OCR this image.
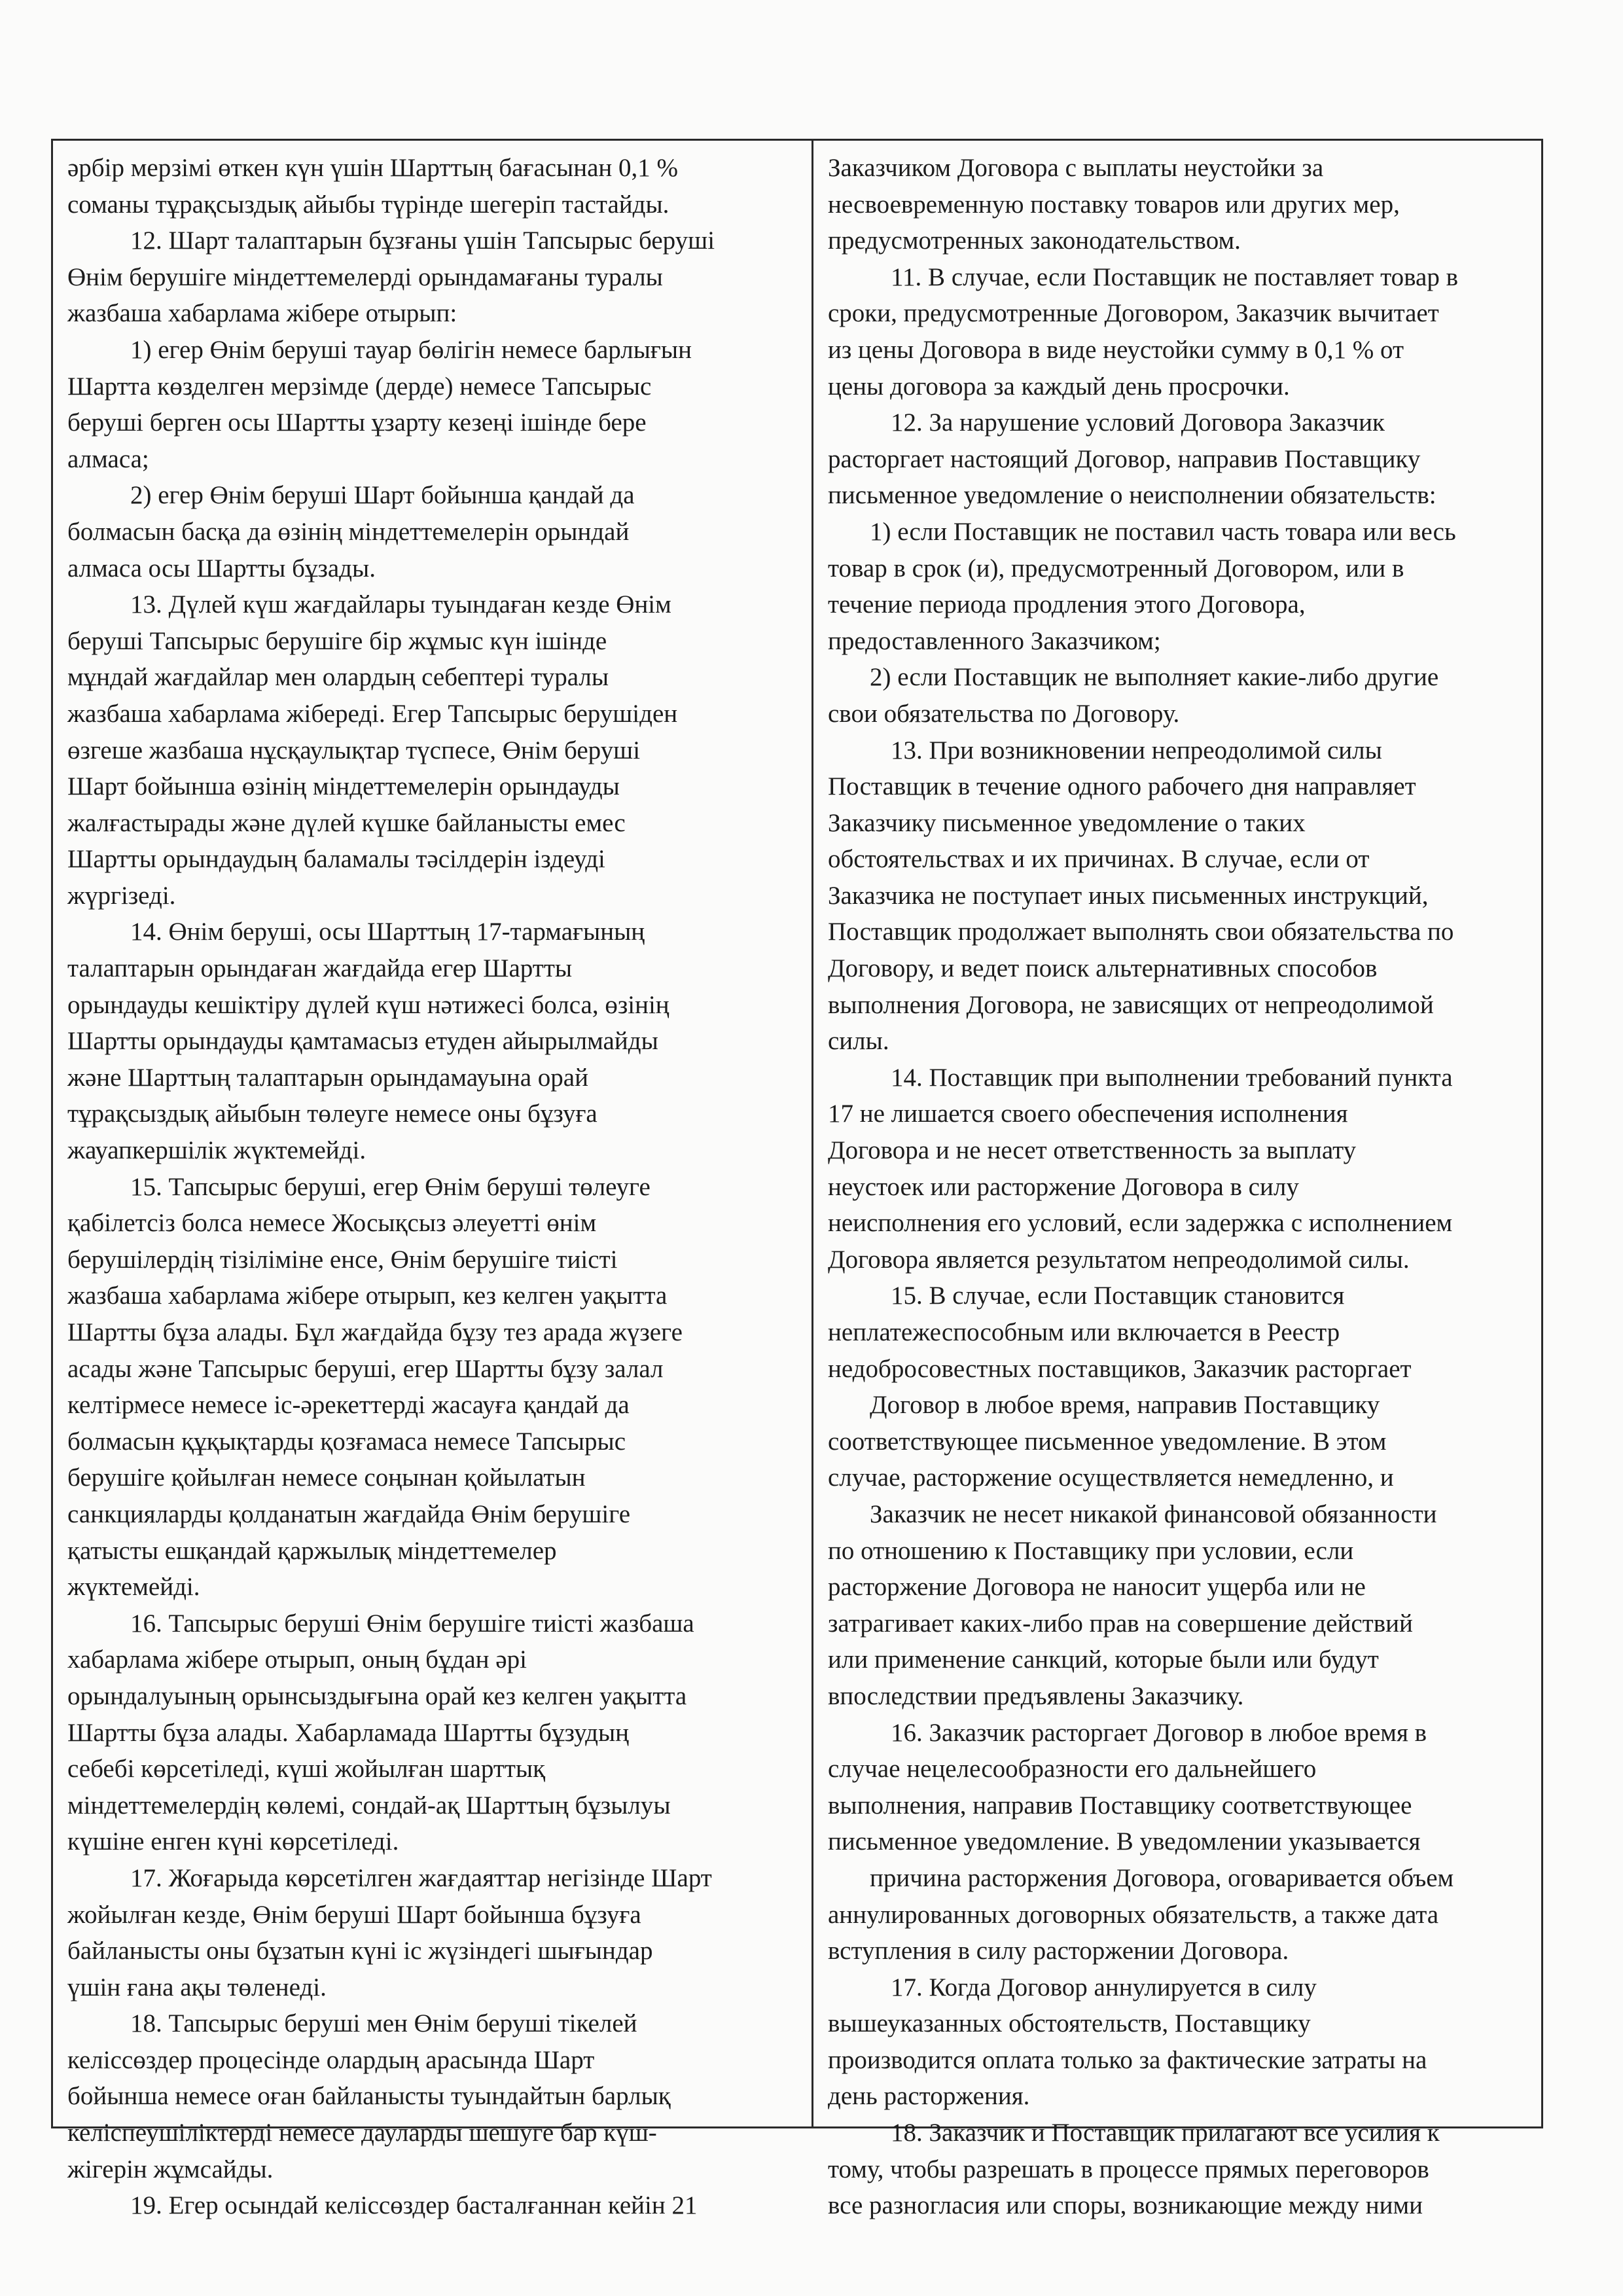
әрбір мерзімі өткен күн үшін Шарттың бағасынан 0,1 %
соманы тұрақсыздық айыбы түрінде шегеріп тастайды.
12. Шарт талаптарын бұзғаны үшін Тапсырыс беруші
Өнім берушіге міндеттемелерді орындамағаны туралы
жазбаша хабарлама жібере отырып:
1) егер Өнім беруші тауар бөлігін немесе барлығын
Шартта көзделген мерзімде (дерде) немесе Тапсырыс
беруші берген осы Шартты ұзарту кезеңі ішінде бере
алмаса;
2) егер Өнім беруші Шарт бойынша қандай да
болмасын басқа да өзінің міндеттемелерін орындай
алмаса осы Шартты бұзады.
13. Дүлей күш жағдайлары туындаған кезде Өнім
беруші Тапсырыс берушіге бір жұмыс күн ішінде
мұндай жағдайлар мен олардың себептері туралы
жазбаша хабарлама жібереді. Егер Тапсырыс берушіден
өзгеше жазбаша нұсқаулықтар түспесе, Өнім беруші
Шарт бойынша өзінің міндеттемелерін орындауды
жалғастырады және дүлей күшке байланысты емес
Шартты орындаудың баламалы тәсілдерін іздеуді
жүргізеді.
14. Өнім беруші, осы Шарттың 17-тармағының
талаптарын орындаған жағдайда егер Шартты
орындауды кешіктіру дүлей күш нәтижесі болса, өзінің
Шартты орындауды қамтамасыз етуден айырылмайды
және Шарттың талаптарын орындамауына орай
тұрақсыздық айыбын төлеуге немесе оны бұзуға
жауапкершілік жүктемейді.
15. Тапсырыс беруші, егер Өнім беруші төлеуге
қабілетсіз болса немесе Жосықсыз әлеуетті өнім
берушілердің тізіліміне енсе, Өнім берушіге тиісті
жазбаша хабарлама жібере отырып, кез келген уақытта
Шартты бұза алады. Бұл жағдайда бұзу тез арада жүзеге
асады және Тапсырыс беруші, егер Шартты бұзу залал
келтірмесе немесе іс-әрекеттерді жасауға қандай да
болмасын құқықтарды қозғамаса немесе Тапсырыс
берушіге қойылған немесе соңынан қойылатын
санкцияларды қолданатын жағдайда Өнім берушіге
қатысты ешқандай қаржылық міндеттемелер
жүктемейді.
16. Тапсырыс беруші Өнім берушіге тиісті жазбаша
хабарлама жібере отырып, оның бұдан әрі
орындалуының орынсыздығына орай кез келген уақытта
Шартты бұза алады. Хабарламада Шартты бұзудың
себебі көрсетіледі, күші жойылған шарттық
міндеттемелердің көлемі, сондай-ақ Шарттың бұзылуы
күшіне енген күні көрсетіледі.
17. Жоғарыда көрсетілген жағдаяттар негізінде Шарт
жойылған кезде, Өнім беруші Шарт бойынша бұзуға
байланысты оны бұзатын күні іс жүзіндегі шығындар
үшін ғана ақы төленеді.
18. Тапсырыс беруші мен Өнім беруші тікелей
келіссөздер процесінде олардың арасында Шарт
бойынша немесе оған байланысты туындайтын барлық
келіспеушіліктерді немесе дауларды шешуге бар күш-
жігерін жұмсайды.
19. Егер осындай келіссөздер басталғаннан кейін 21
Заказчиком Договора с выплаты неустойки за
несвоевременную поставку товаров или других мер,
предусмотренных законодательством.
11. В случае, если Поставщик не поставляет товар в
сроки, предусмотренные Договором, Заказчик вычитает
из цены Договора в виде неустойки сумму в 0,1 % от
цены договора за каждый день просрочки.
12. За нарушение условий Договора Заказчик
расторгает настоящий Договор, направив Поставщику
письменное уведомление о неисполнении обязательств:
1) если Поставщик не поставил часть товара или весь
товар в срок (и), предусмотренный Договором, или в
течение периода продления этого Договора,
предоставленного Заказчиком;
2) если Поставщик не выполняет какие-либо другие
свои обязательства по Договору.
13. При возникновении непреодолимой силы
Поставщик в течение одного рабочего дня направляет
Заказчику письменное уведомление о таких
обстоятельствах и их причинах. В случае, если от
Заказчика не поступает иных письменных инструкций,
Поставщик продолжает выполнять свои обязательства по
Договору, и ведет поиск альтернативных способов
выполнения Договора, не зависящих от непреодолимой
силы.
14. Поставщик при выполнении требований пункта
17 не лишается своего обеспечения исполнения
Договора и не несет ответственность за выплату
неустоек или расторжение Договора в силу
неисполнения его условий, если задержка с исполнением
Договора является результатом непреодолимой силы.
15. В случае, если Поставщик становится
неплатежеспособным или включается в Реестр
недобросовестных поставщиков, Заказчик расторгает
Договор в любое время, направив Поставщику
соответствующее письменное уведомление. В этом
случае, расторжение осуществляется немедленно, и
Заказчик не несет никакой финансовой обязанности
по отношению к Поставщику при условии, если
расторжение Договора не наносит ущерба или не
затрагивает каких-либо прав на совершение действий
или применение санкций, которые были или будут
впоследствии предъявлены Заказчику.
16. Заказчик расторгает Договор в любое время в
случае нецелесообразности его дальнейшего
выполнения, направив Поставщику соответствующее
письменное уведомление. В уведомлении указывается
причина расторжения Договора, оговаривается объем
аннулированных договорных обязательств, а также дата
вступления в силу расторжении Договора.
17. Когда Договор аннулируется в силу
вышеуказанных обстоятельств, Поставщику
производится оплата только за фактические затраты на
день расторжения.
18. Заказчик и Поставщик прилагают все усилия к
тому, чтобы разрешать в процессе прямых переговоров
все разногласия или споры, возникающие между ними
